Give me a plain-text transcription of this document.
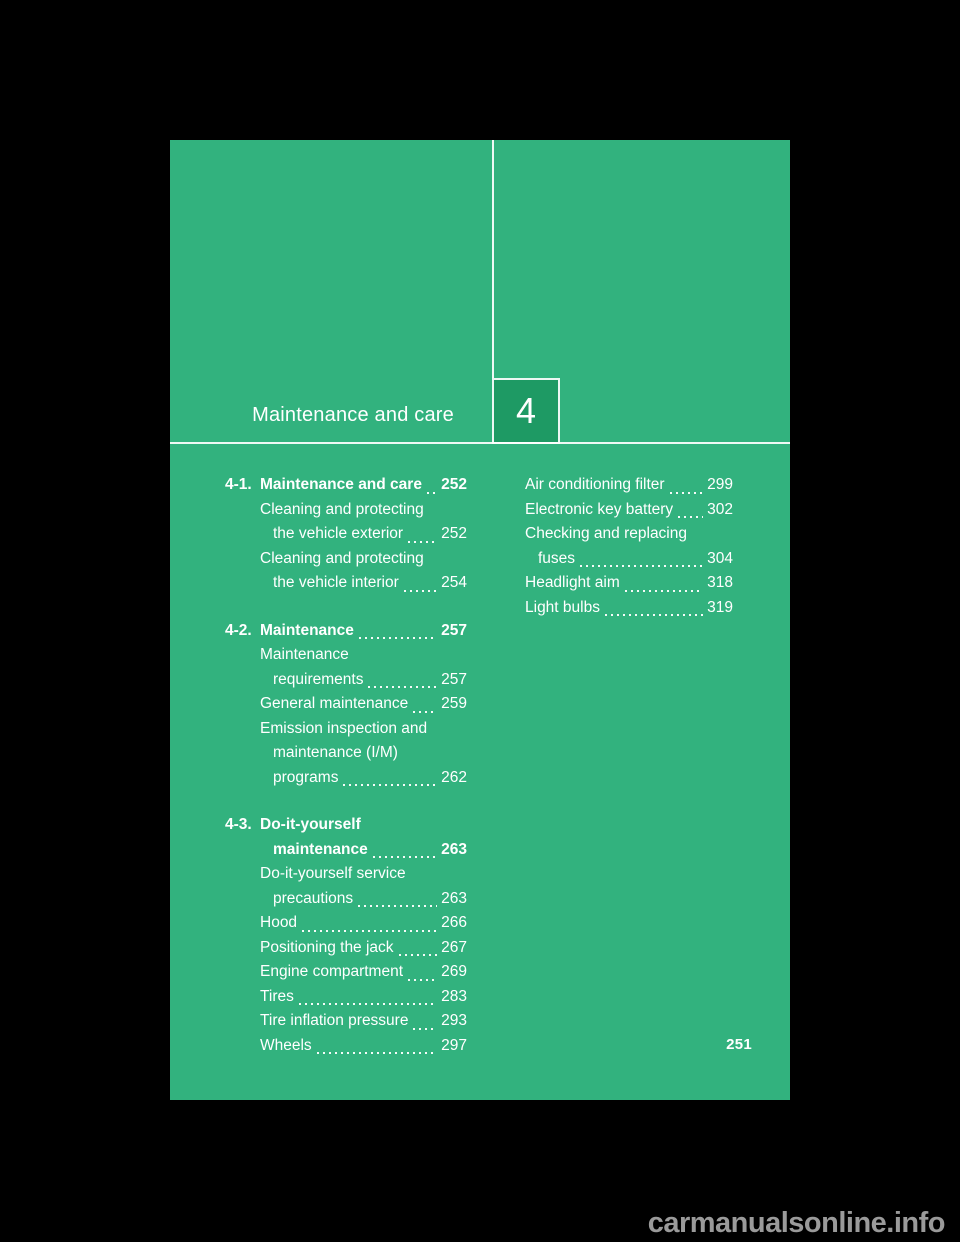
Maintenance and care 4
4-1. Maintenance and care 252
Cleaning and protecting
the vehicle exterior 252
Cleaning and protecting
the vehicle interior	254
4-2. Maintenance	257
Maintenance
requirements	257
General maintenance 259
Emission inspection and
maintenance (I/M)
programs	262
4-3. Do-it-yourself
maintenance	263
Do-it-yourself service
precautions	263
Hood	266
Positioning the jack	267
Engine compartment 269
Tires	283
Tire inflation pressure 293
Wheels	297
Air conditioning filter	299
Electronic key battery 302
Checking and replacing
fuses	304
Headlight aim	318
Light bulbs	319
251
carmanualsonline.info
